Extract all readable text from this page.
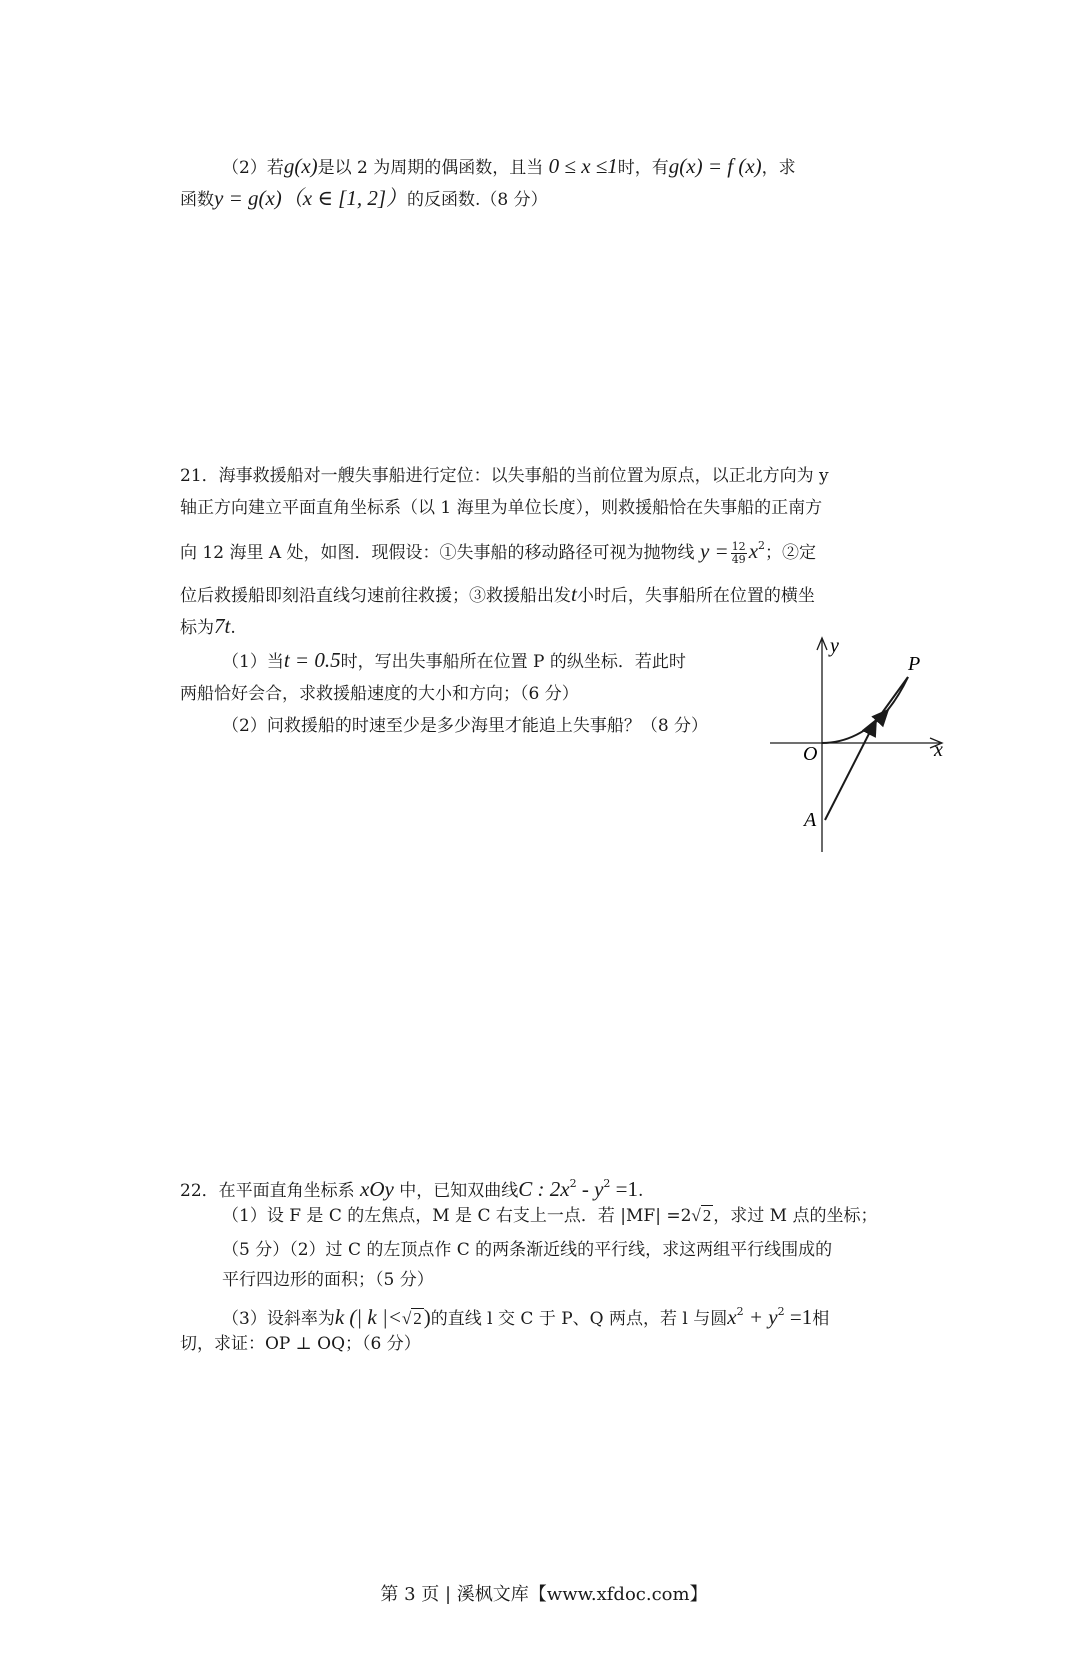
（2）若g(x)是以 2 为周期的偶函数，且当 0 ≤ x ≤1时，有g(x) = f (x)，求
函数y = g(x)（x ∈ [1, 2]）的反函数.（8 分）
21．海事救援船对一艘失事船进行定位：以失事船的当前位置为原点，以正北方向为 y
轴正方向建立平面直角坐标系（以 1 海里为单位长度），则救援船恰在失事船的正南方
向 12 海里 A 处，如图．现假设：①失事船的移动路径可视为抛物线 $y = \frac{12}{49} x^2$；②定
位后救援船即刻沿直线匀速前往救援；③救援船出发t小时后，失事船所在位置的横坐
标为7t.
（1）当t = 0.5时，写出失事船所在位置 P 的纵坐标．若此时
两船恰好会合，求救援船速度的大小和方向；（6 分）
（2）问救援船的时速至少是多少海里才能追上失事船？（8 分）
y
x
O
P
A
22．在平面直角坐标系 xOy 中，已知双曲线C : $2x^2 - y^2 =1$.
（1）设 F 是 C 的左焦点，M 是 C 右支上一点．若 |MF| =2√ 2 ，求过 M 点的坐标；
（5 分）（2）过 C 的左顶点作 C 的两条渐近线的平行线，求这两组平行线围成的
平行四边形的面积；（5 分）
（3）设斜率为k (| k |<√ 2)的直线 l 交 C 于 P、Q 两点，若 l 与圆$x^2 + y^2 =1$相
切，求证：OP ⊥ OQ；（6 分）
第 3 页 | 溪枫文库【www.xfdoc.com】
